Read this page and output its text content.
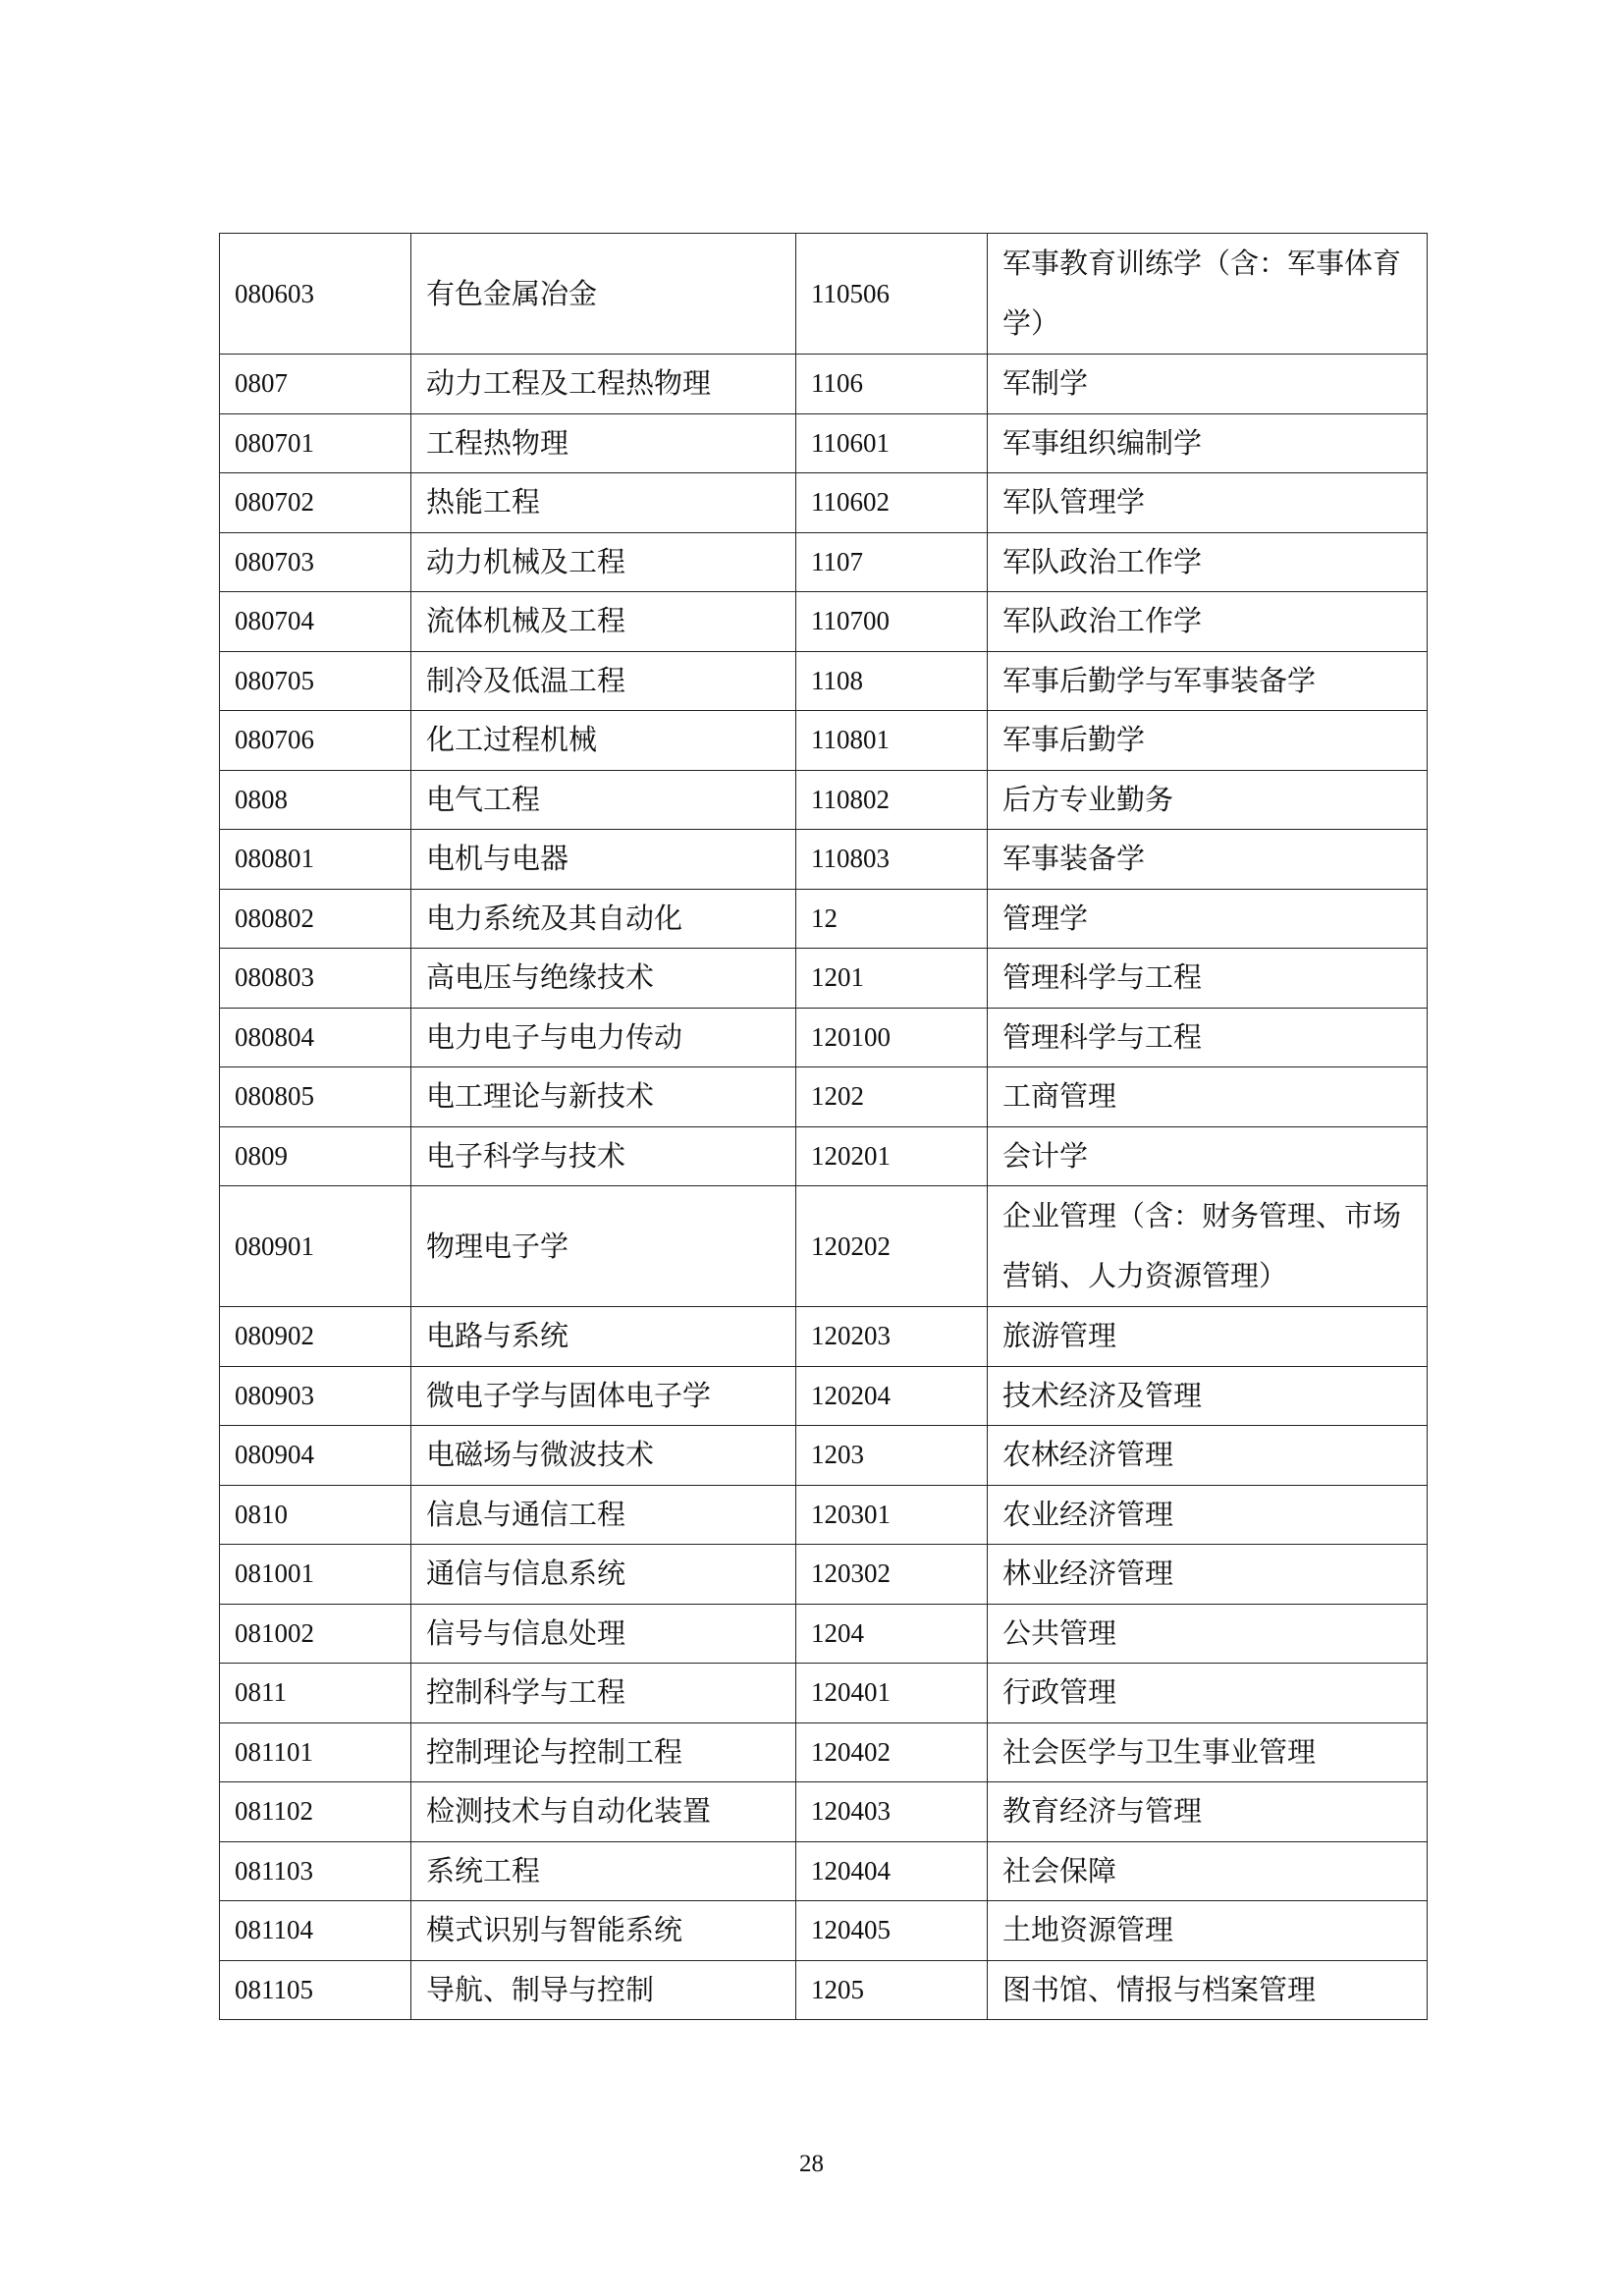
080603	有色金属冶金	110506	军事教育训练学（含：军事体育学）
0807	动力工程及工程热物理	1106	军制学
080701	工程热物理	110601	军事组织编制学
080702	热能工程	110602	军队管理学
080703	动力机械及工程	1107	军队政治工作学
080704	流体机械及工程	110700	军队政治工作学
080705	制冷及低温工程	1108	军事后勤学与军事装备学
080706	化工过程机械	110801	军事后勤学
0808	电气工程	110802	后方专业勤务
080801	电机与电器	110803	军事装备学
080802	电力系统及其自动化	12	管理学
080803	高电压与绝缘技术	1201	管理科学与工程
080804	电力电子与电力传动	120100	管理科学与工程
080805	电工理论与新技术	1202	工商管理
0809	电子科学与技术	120201	会计学
080901	物理电子学	120202	企业管理（含：财务管理、市场营销、人力资源管理）
080902	电路与系统	120203	旅游管理
080903	微电子学与固体电子学	120204	技术经济及管理
080904	电磁场与微波技术	1203	农林经济管理
0810	信息与通信工程	120301	农业经济管理
081001	通信与信息系统	120302	林业经济管理
081002	信号与信息处理	1204	公共管理
0811	控制科学与工程	120401	行政管理
081101	控制理论与控制工程	120402	社会医学与卫生事业管理
081102	检测技术与自动化装置	120403	教育经济与管理
081103	系统工程	120404	社会保障
081104	模式识别与智能系统	120405	土地资源管理
081105	导航、制导与控制	1205	图书馆、情报与档案管理
28
